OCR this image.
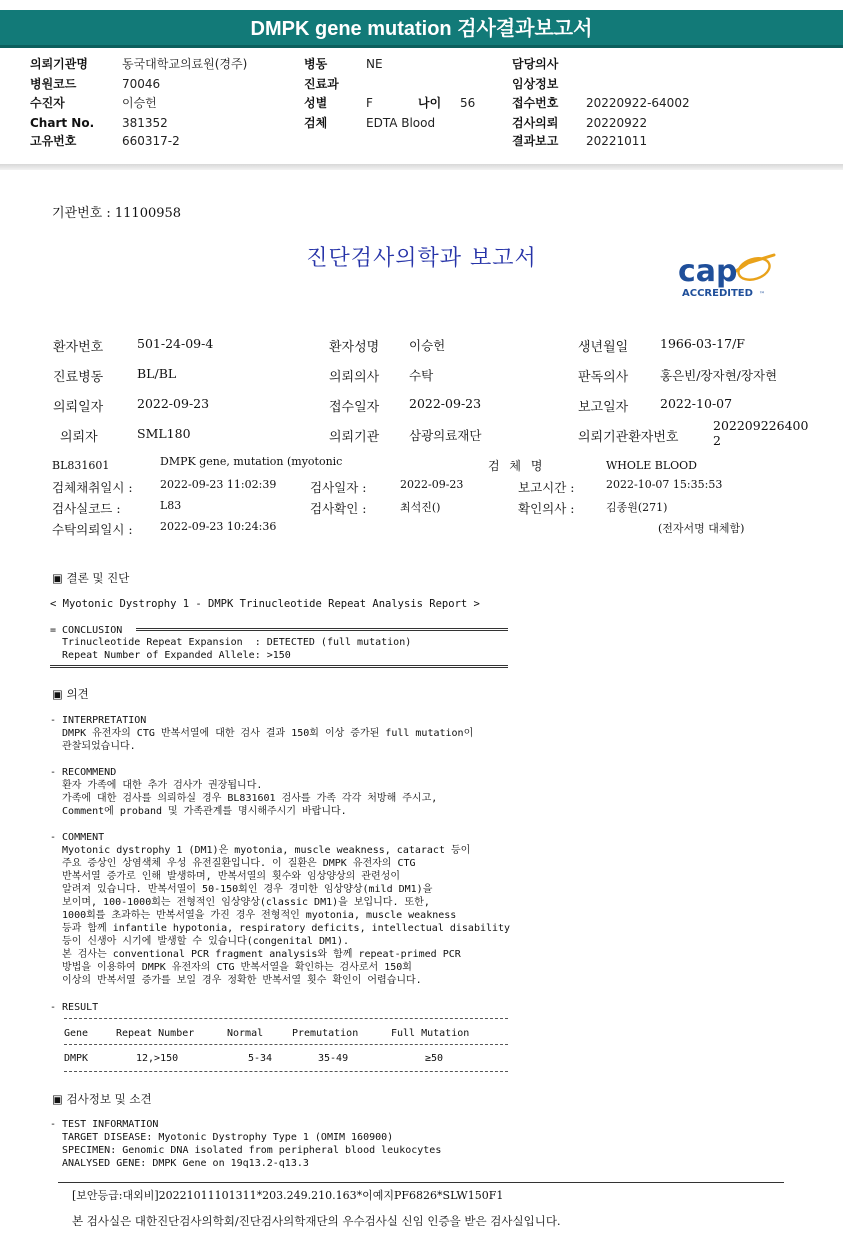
DMPK gene mutation 검사결과보고서
의뢰기관명	동국대학교의료원(경주)	병동	NE	담당의사
병원코드	70046	진료과	임상정보
수진자	이승헌	성별	F	나이 56	접수번호 20220922-64002
Chart No. 381352	검체	EDTA Blood	검사의뢰 20220922
고유번호	660317-2	결과보고 20221011
기관번호 : 11100958
진단검사의학과 보고서	cap
ACCREDITED ™
환자번호	501-24-09-4	환자성명 이승헌	생년월일	1966-03-17/F
진료병동	BL/BL	의뢰의사 수탁	판독의사	홍은빈/장자현/장자현
의뢰일자	2022-09-23	접수일자 2022-09-23	보고일자	2022-10-07
의뢰자	SML180	의뢰기관 삼광의료재단	의뢰기관환자번호
202209226400
2
BL831601	DMPK gene, mutation (myotonic	검 체 명	WHOLE BLOOD
검체채취일시 : 2022-09-23 11:02:39	검사일자 :	2022-09-23	보고시간 :	2022-10-07 15:35:53
검사실코드 :	L83	검사확인 :	최석진()	확인의사 :	김종원(271)
수탁의뢰일시 : 2022-09-23 10:24:36	(전자서명 대체함)
▣ 결론 및 진단
< Myotonic Dystrophy 1 - DMPK Trinucleotide Repeat Analysis Report >
= CONCLUSION
Trinucleotide Repeat Expansion  : DETECTED (full mutation)
Repeat Number of Expanded Allele: >150
▣ 의견
- INTERPRETATION
DMPK 유전자의 CTG 반복서열에 대한 검사 결과 150회 이상 증가된 full mutation이
관찰되었습니다.
- RECOMMEND
환자 가족에 대한 추가 검사가 권장됩니다.
가족에 대한 검사를 의뢰하실 경우 BL831601 검사를 가족 각각 처방해 주시고,
Comment에 proband 및 가족관계를 명시해주시기 바랍니다.
- COMMENT
Myotonic dystrophy 1 (DM1)은 myotonia, muscle weakness, cataract 등이
주요 증상인 상염색체 우성 유전질환입니다. 이 질환은 DMPK 유전자의 CTG
반복서열 증가로 인해 발생하며, 반복서열의 횟수와 임상양상의 관련성이
알려져 있습니다. 반복서열이 50-150회인 경우 경미한 임상양상(mild DM1)을
보이며, 100-1000회는 전형적인 임상양상(classic DM1)을 보입니다. 또한,
1000회를 초과하는 반복서열을 가진 경우 전형적인 myotonia, muscle weakness
등과 함께 infantile hypotonia, respiratory deficits, intellectual disability
등이 신생아 시기에 발생할 수 있습니다(congenital DM1).
본 검사는 conventional PCR fragment analysis와 함께 repeat-primed PCR
방법을 이용하여 DMPK 유전자의 CTG 반복서열을 확인하는 검사로서 150회
이상의 반복서열 증가를 보일 경우 정확한 반복서열 횟수 확인이 어렵습니다.
- RESULT
Gene	Repeat Number	Normal	Premutation	Full Mutation
DMPK	12,>150	5-34	35-49	≥50
▣ 검사정보 및 소견
- TEST INFORMATION
TARGET DISEASE: Myotonic Dystrophy Type 1 (OMIM 160900)
SPECIMEN: Genomic DNA isolated from peripheral blood leukocytes
ANALYSED GENE: DMPK Gene on 19q13.2-q13.3
[보안등급:대외비]20221011101311*203.249.210.163*이예지PF6826*SLW150F1
본 검사실은 대한진단검사의학회/진단검사의학재단의 우수검사실 신임 인증을 받은 검사실입니다.
